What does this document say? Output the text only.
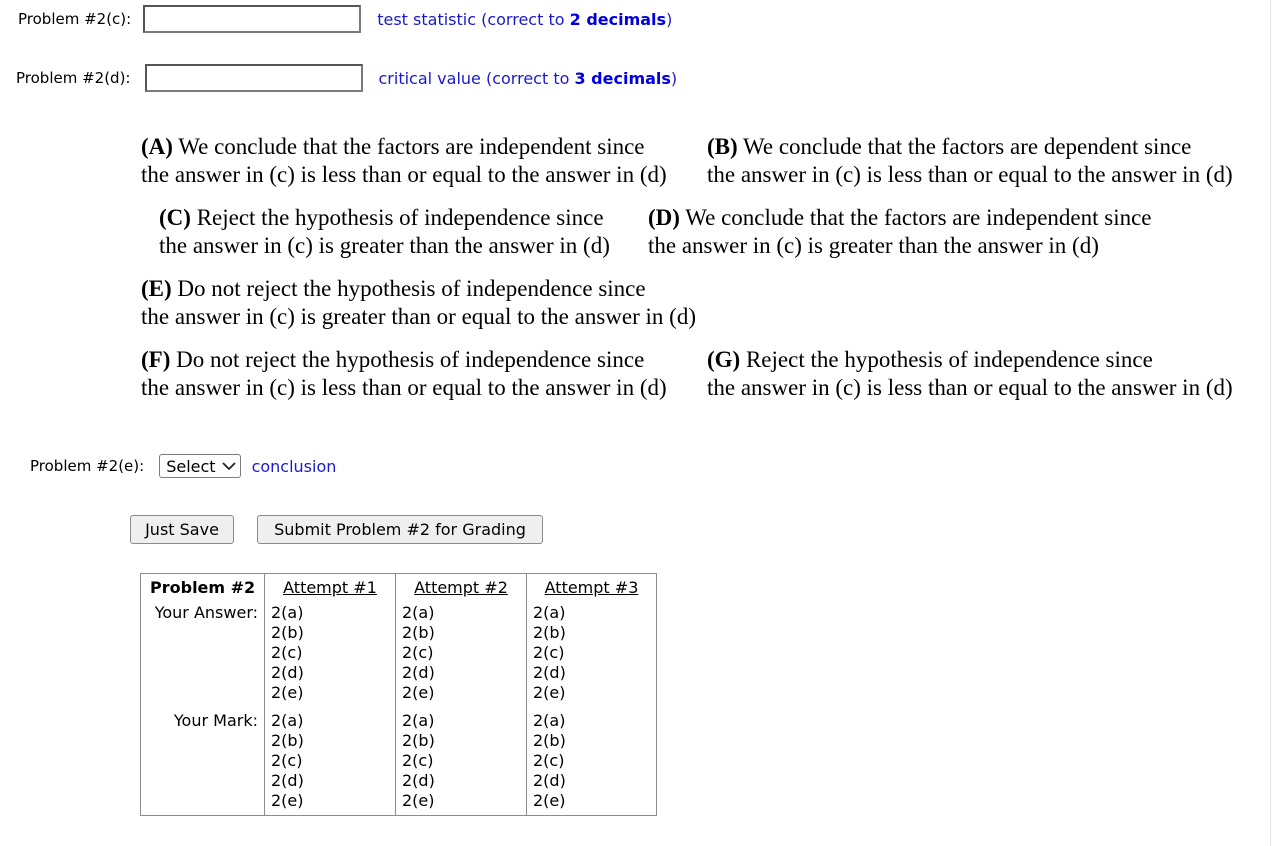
Problem #2(c):	test statistic (correct to 2 decimals)
Problem #2(d):	critical value (correct to 3 decimals)
(A) We conclude that the factors are independent since
the answer in (c) is less than or equal to the answer in (d)
(B) We conclude that the factors are dependent since
the answer in (c) is less than or equal to the answer in (d)
(C) Reject the hypothesis of independence since
the answer in (c) is greater than the answer in (d)
(D) We conclude that the factors are independent since
the answer in (c) is greater than the answer in (d)
(E) Do not reject the hypothesis of independence since
the answer in (c) is greater than or equal to the answer in (d)
(F) Do not reject the hypothesis of independence since
the answer in (c) is less than or equal to the answer in (d)
(G) Reject the hypothesis of independence since
the answer in (c) is less than or equal to the answer in (d)
Problem #2(e): Select conclusion
Just Save	Submit Problem #2 for Grading
Problem #2	Attempt #1	Attempt #2	Attempt #3
Your Answer:	2(a)
2(b)
2(c)
2(d)
2(e)	2(a)
2(b)
2(c)
2(d)
2(e)	2(a)
2(b)
2(c)
2(d)
2(e)

Your Mark:	2(a)
2(b)
2(c)
2(d)
2(e)	2(a)
2(b)
2(c)
2(d)
2(e)	2(a)
2(b)
2(c)
2(d)
2(e)
